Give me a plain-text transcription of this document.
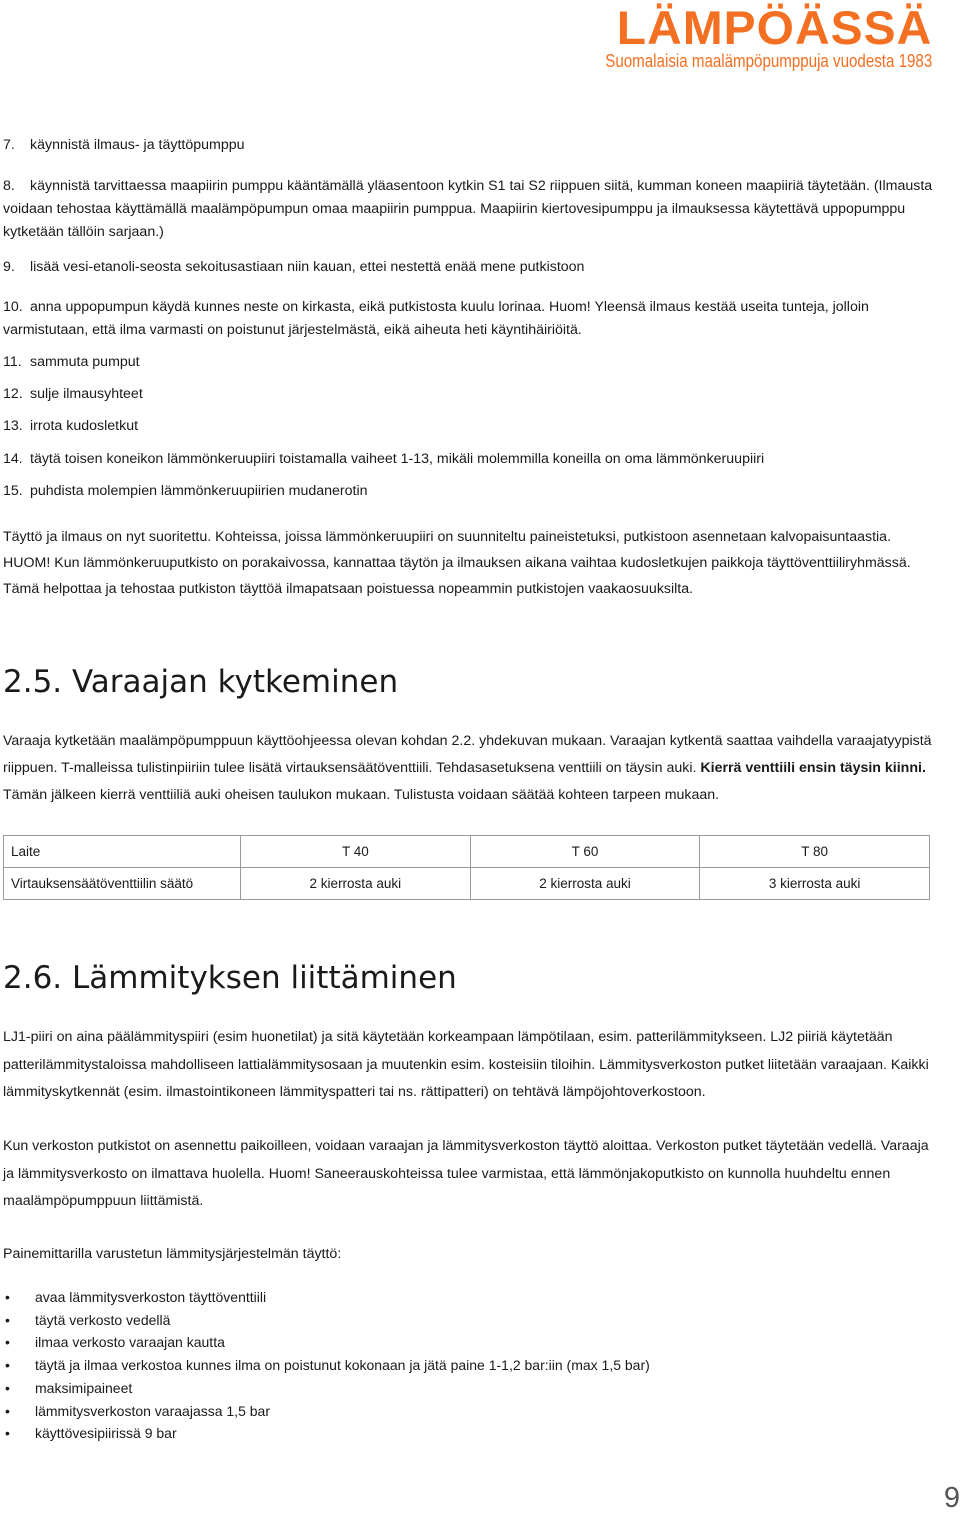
LÄMPÖÄSSÄ
Suomalaisia maalämpöpumppuja vuodesta 1983
7. käynnistä ilmaus- ja täyttöpumppu
8. käynnistä tarvittaessa maapiirin pumppu kääntämällä yläasentoon kytkin S1 tai S2 riippuen siitä, kumman koneen maapiiriä täytetään. (Ilmausta voidaan tehostaa käyttämällä maalämpöpumpun omaa maapiirin pumppua. Maapiirin kiertovesipumppu ja ilmauksessa käytettävä uppopumppu kytketään tällöin sarjaan.)
9. lisää vesi-etanoli-seosta sekoitusastiaan niin kauan, ettei nestettä enää mene putkistoon
10. anna uppopumpun käydä kunnes neste on kirkasta, eikä putkistosta kuulu lorinaa. Huom! Yleensä ilmaus kestää useita tunteja, jolloin varmistutaan, että ilma varmasti on poistunut järjestelmästä, eikä aiheuta heti käyntihäiriöitä.
11. sammuta pumput
12. sulje ilmausyhteet
13. irrota kudosletkut
14. täytä toisen koneikon lämmönkeruupiiri toistamalla vaiheet 1-13, mikäli molemmilla koneilla on oma lämmönkeruupiiri
15. puhdista molempien lämmönkeruupiirien mudanerotin
Täyttö ja ilmaus on nyt suoritettu. Kohteissa, joissa lämmönkeruupiiri on suunniteltu paineistetuksi, putkistoon asennetaan kalvopaisuntaastia. HUOM! Kun lämmönkeruuputkisto on porakaivossa, kannattaa täytön ja ilmauksen aikana vaihtaa kudosletkujen paikkoja täyttöventtiiliryhmässä. Tämä helpottaa ja tehostaa putkiston täyttöä ilmapatsaan poistuessa nopeammin putkistojen vaakaosuuksilta.
2.5. Varaajan kytkeminen
Varaaja kytketään maalämpöpumppuun käyttöohjeessa olevan kohdan 2.2. yhdekuvan mukaan. Varaajan kytkentä saattaa vaihdella varaajatyypistä riippuen. T-malleissa tulistinpiiriin tulee lisätä virtauksensäätöventtiili. Tehdasasetuksena venttiili on täysin auki. Kierrä venttiili ensin täysin kiinni. Tämän jälkeen kierrä venttiiliä auki oheisen taulukon mukaan. Tulistusta voidaan säätää kohteen tarpeen mukaan.
Laite	T 40	T 60	T 80
Virtauksensäätöventtiilin säätö	2 kierrosta auki	2 kierrosta auki	3 kierrosta auki
2.6. Lämmityksen liittäminen
LJ1-piiri on aina päälämmityspiiri (esim huonetilat) ja sitä käytetään korkeampaan lämpötilaan, esim. patterilämmitykseen. LJ2 piiriä käytetään patterilämmitystaloissa mahdolliseen lattialämmitysosaan ja muutenkin esim. kosteisiin tiloihin. Lämmitysverkoston putket liitetään varaajaan. Kaikki lämmityskytkennät (esim. ilmastointikoneen lämmityspatteri tai ns. rättipatteri) on tehtävä lämpöjohtoverkostoon.
Kun verkoston putkistot on asennettu paikoilleen, voidaan varaajan ja lämmitysverkoston täyttö aloittaa. Verkoston putket täytetään vedellä. Varaaja ja lämmitysverkosto on ilmattava huolella. Huom! Saneerauskohteissa tulee varmistaa, että lämmönjakoputkisto on kunnolla huuhdeltu ennen maalämpöpumppuun liittämistä.
Painemittarilla varustetun lämmitysjärjestelmän täyttö:
• avaa lämmitysverkoston täyttöventtiili
• täytä verkosto vedellä
• ilmaa verkosto varaajan kautta
• täytä ja ilmaa verkostoa kunnes ilma on poistunut kokonaan ja jätä paine 1-1,2 bar:iin (max 1,5 bar)
• maksimipaineet
• lämmitysverkoston varaajassa 1,5 bar
• käyttövesipiirissä 9 bar
9
